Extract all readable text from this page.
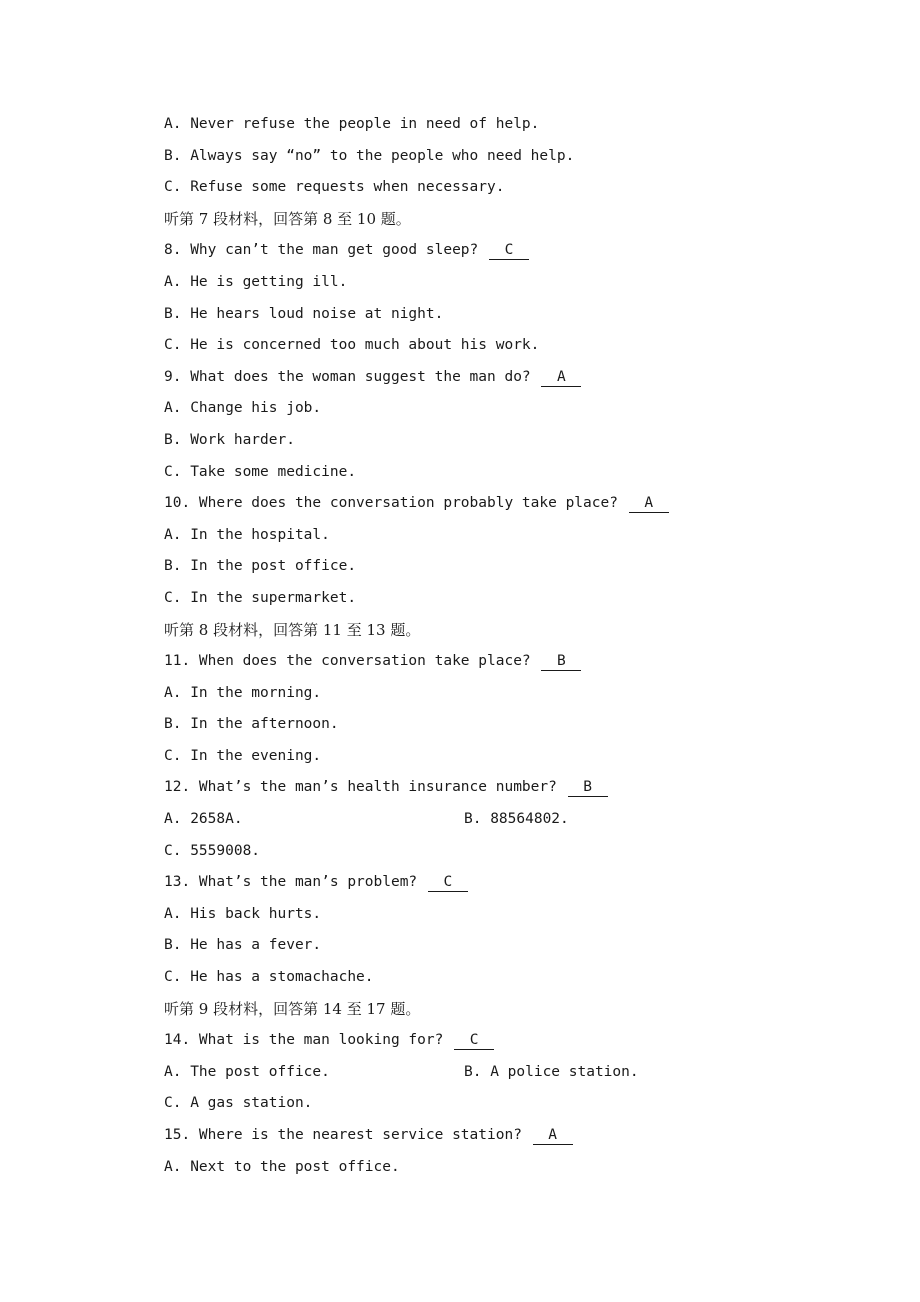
A. Never refuse the people in need of help.
B. Always say “no” to the people who need help.
C. Refuse some requests when necessary.
听第 7 段材料，回答第 8 至 10 题。
8. Why can’t the man get good sleep? C
A. He is getting ill.
B. He hears loud noise at night.
C. He is concerned too much about his work.
9. What does the woman suggest the man do? A
A. Change his job.
B. Work harder.
C. Take some medicine.
10. Where does the conversation probably take place? A
A. In the hospital.
B. In the post office.
C. In the supermarket.
听第 8 段材料，回答第 11 至 13 题。
11. When does the conversation take place? B
A. In the morning.
B. In the afternoon.
C. In the evening.
12. What’s the man’s health insurance number? B
A. 2658A.	B. 88564802.
C. 5559008.
13. What’s the man’s problem? C
A. His back hurts.
B. He has a fever.
C. He has a stomachache.
听第 9 段材料，回答第 14 至 17 题。
14. What is the man looking for? C
A. The post office.	B. A police station.
C. A gas station.
15. Where is the nearest service station? A
A. Next to the post office.
